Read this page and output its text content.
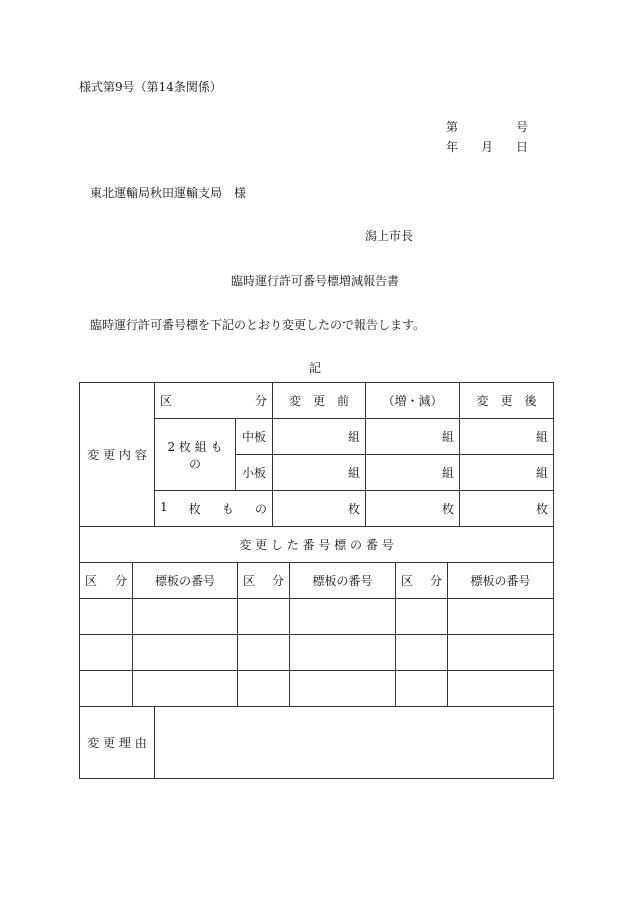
様式第9号（第14条関係）
第	号
年 月 日
東北運輸局秋田運輸支局　様
潟上市長
臨時運行許可番号標増減報告書
臨時運行許可番号標を下記のとおり変更したので報告します。
記
変 更 内 容	区 分		変　更　前	（増・減）	変　更　後
	2 枚 組 も の	中板	組	組	組
		小板	組	組	組

	1 枚 も の		枚	枚	枚
変 更 し た 番 号 標 の 番 号						

区 分	標板の番号		区 分	標板の番号	区 分	標板の番号

変 更 理 由						
